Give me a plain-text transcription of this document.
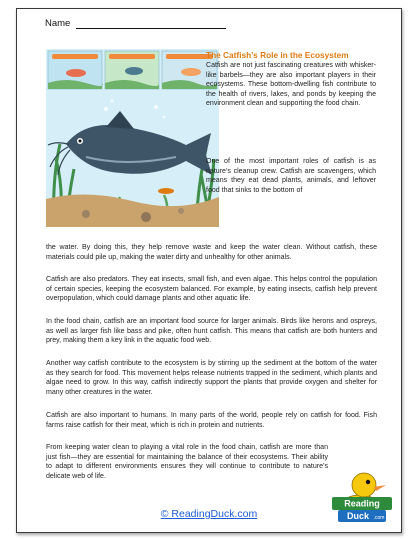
Name
The Catfish’s Role in the Ecosystem
Catfish are not just fascinating creatures with whisker-like barbels—they are also important players in their ecosystems. These bottom-dwelling fish contribute to the health of rivers, lakes, and ponds by keeping the environment clean and supporting the food chain.
One of the most important roles of catfish is as nature’s cleanup crew. Catfish are scavengers, which means they eat dead plants, animals, and leftover food that sinks to the bottom of
the water. By doing this, they help remove waste and keep the water clean. Without catfish, these materials could pile up, making the water dirty and unhealthy for other animals.
Catfish are also predators. They eat insects, small fish, and even algae. This helps control the population of certain species, keeping the ecosystem balanced. For example, by eating insects, catfish help prevent overpopulation, which could damage plants and other aquatic life.
In the food chain, catfish are an important food source for larger animals. Birds like herons and ospreys, as well as larger fish like bass and pike, often hunt catfish. This means that catfish are both hunters and prey, making them a key link in the aquatic food web.
Another way catfish contribute to the ecosystem is by stirring up the sediment at the bottom of the water as they search for food. This movement helps release nutrients trapped in the sediment, which plants and algae need to grow. In this way, catfish indirectly support the plants that provide oxygen and shelter for many other creatures in the water.
Catfish are also important to humans. In many parts of the world, people rely on catfish for food. Fish farms raise catfish for their meat, which is rich in protein and nutrients.
From keeping water clean to playing a vital role in the food chain, catfish are more than just fish—they are essential for maintaining the balance of their ecosystems. Their ability to adapt to different environments ensures they will continue to contribute to nature’s delicate web of life.
Reading
Duck .com
© ReadingDuck.com
